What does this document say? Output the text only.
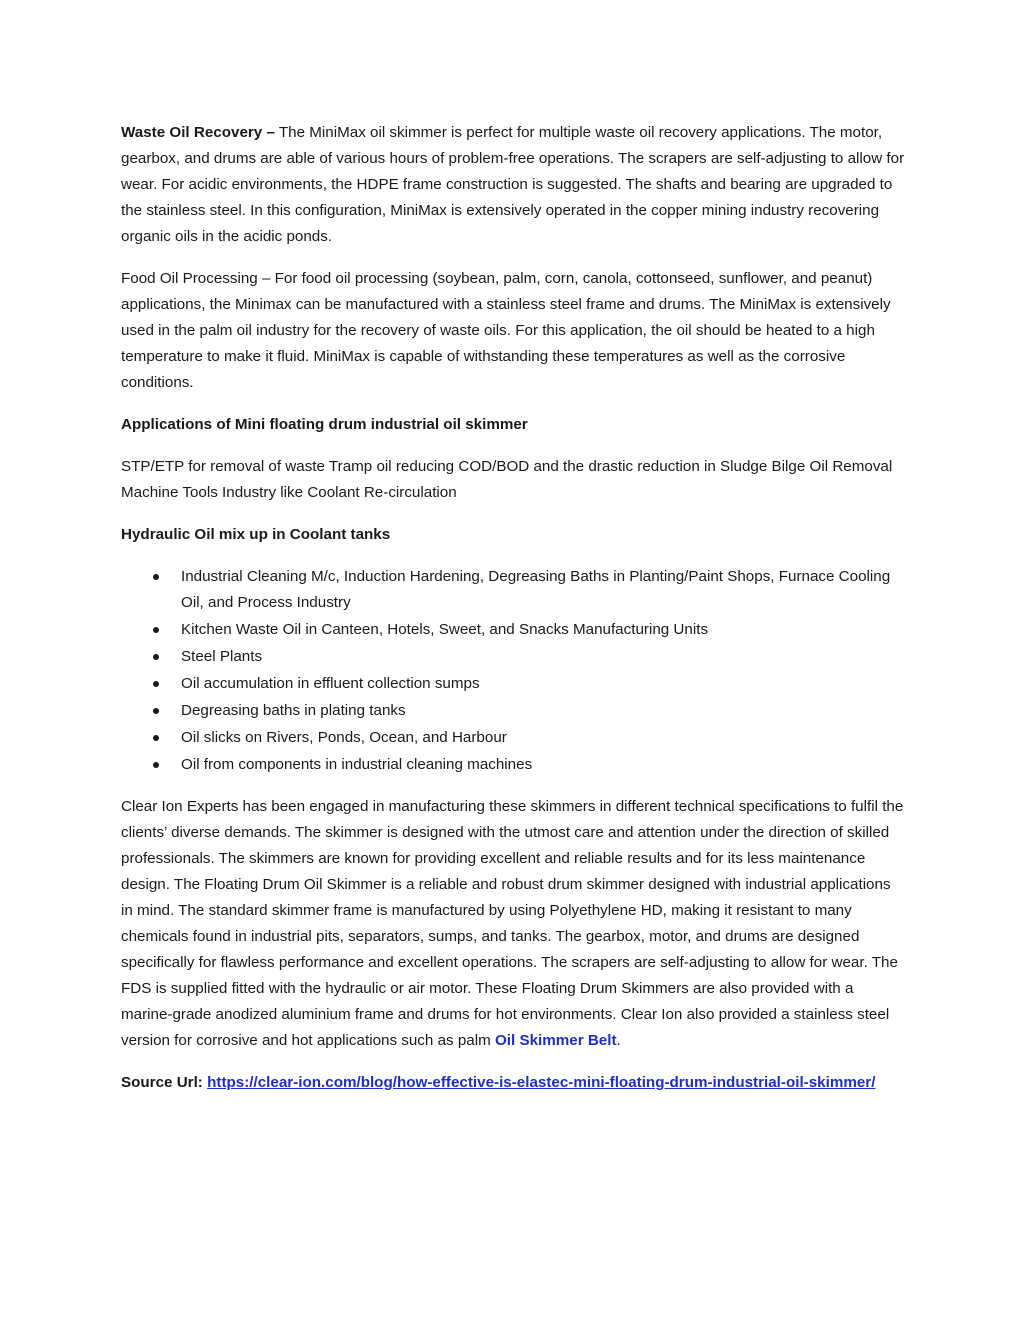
Waste Oil Recovery – The MiniMax oil skimmer is perfect for multiple waste oil recovery applications. The motor, gearbox, and drums are able of various hours of problem-free operations. The scrapers are self-adjusting to allow for wear. For acidic environments, the HDPE frame construction is suggested. The shafts and bearing are upgraded to the stainless steel. In this configuration, MiniMax is extensively operated in the copper mining industry recovering organic oils in the acidic ponds.

Food Oil Processing – For food oil processing (soybean, palm, corn, canola, cottonseed, sunflower, and peanut) applications, the Minimax can be manufactured with a stainless steel frame and drums. The MiniMax is extensively used in the palm oil industry for the recovery of waste oils. For this application, the oil should be heated to a high temperature to make it fluid. MiniMax is capable of withstanding these temperatures as well as the corrosive conditions.

Applications of Mini floating drum industrial oil skimmer

STP/ETP for removal of waste Tramp oil reducing COD/BOD and the drastic reduction in Sludge Bilge Oil Removal Machine Tools Industry like Coolant Re-circulation

Hydraulic Oil mix up in Coolant tanks

Industrial Cleaning M/c, Induction Hardening, Degreasing Baths in Planting/Paint Shops, Furnace Cooling Oil, and Process Industry
Kitchen Waste Oil in Canteen, Hotels, Sweet, and Snacks Manufacturing Units
Steel Plants
Oil accumulation in effluent collection sumps
Degreasing baths in plating tanks
Oil slicks on Rivers, Ponds, Ocean, and Harbour
Oil from components in industrial cleaning machines

Clear Ion Experts has been engaged in manufacturing these skimmers in different technical specifications to fulfil the clients’ diverse demands. The skimmer is designed with the utmost care and attention under the direction of skilled professionals. The skimmers are known for providing excellent and reliable results and for its less maintenance design. The Floating Drum Oil Skimmer is a reliable and robust drum skimmer designed with industrial applications in mind. The standard skimmer frame is manufactured by using Polyethylene HD, making it resistant to many chemicals found in industrial pits, separators, sumps, and tanks. The gearbox, motor, and drums are designed specifically for flawless performance and excellent operations. The scrapers are self-adjusting to allow for wear. The FDS is supplied fitted with the hydraulic or air motor. These Floating Drum Skimmers are also provided with a marine-grade anodized aluminium frame and drums for hot environments. Clear Ion also provided a stainless steel version for corrosive and hot applications such as palm Oil Skimmer Belt.

Source Url: https://clear-ion.com/blog/how-effective-is-elastec-mini-floating-drum-industrial-oil-skimmer/
